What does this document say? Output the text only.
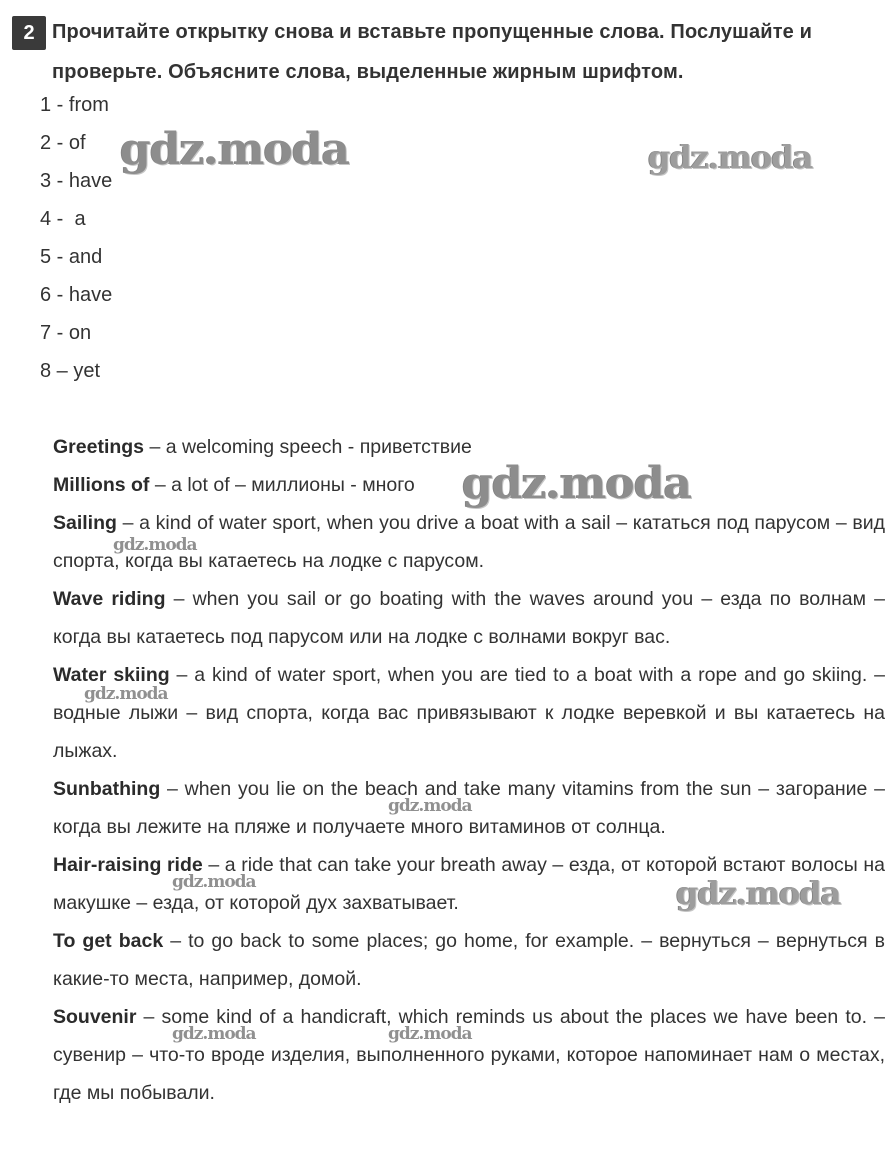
2 Прочитайте открытку снова и вставьте пропущенные слова. Послушайте и проверьте. Объясните слова, выделенные жирным шрифтом.
1 - from
2 - of
3 - have
4 -  a
5 - and
6 - have
7 - on
8 – yet

Greetings – a welcoming speech - приветствие

Millions of – a lot of – миллионы - много

Sailing – a kind of water sport, when you drive a boat with a sail – кататься под парусом – вид спорта, когда вы катаетесь на лодке с парусом.

Wave riding – when you sail or go boating with the waves around you – езда по волнам – когда вы катаетесь под парусом или на лодке с волнами вокруг вас.

Water skiing – a kind of water sport, when you are tied to a boat with a rope and go skiing. – водные лыжи – вид спорта, когда вас привязывают к лодке веревкой и вы катаетесь на лыжах.

Sunbathing – when you lie on the beach and take many vitamins from the sun – загорание – когда вы лежите на пляже и получаете много витаминов от солнца.

Hair-raising ride – a ride that can take your breath away – езда, от которой встают волосы на макушке – езда, от которой дух захватывает.

To get back – to go back to some places; go home, for example. – вернуться – вернуться в какие-то места, например, домой.

Souvenir – some kind of a handicraft, which reminds us about the places we have been to. – сувенир – что-то вроде изделия, выполненного руками, которое напоминает нам о местах, где мы побывали.

gdz.moda	gdz.moda
gdz.moda
gdz.moda
gdz.moda
gdz.moda
gdz.moda	gdz.moda
gdz.moda	gdz.moda
